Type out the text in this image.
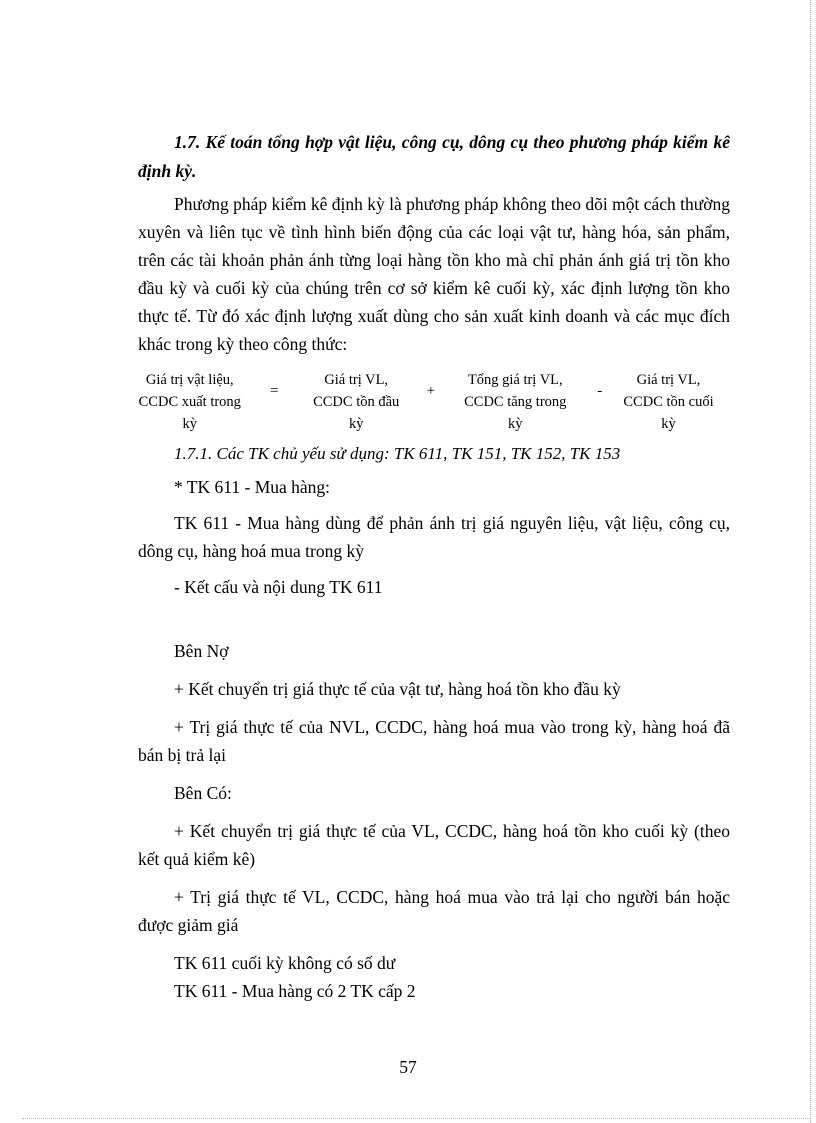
1.7. Kế toán tổng hợp vật liệu, công cụ, dông cụ theo phương pháp kiểm kê định kỳ.

Phương pháp kiểm kê định kỳ là phương pháp không theo dõi một cách thường xuyên và liên tục về tình hình biến động của các loại vật tư, hàng hóa, sản phẩm, trên các tài khoản phản ánh từng loại hàng tồn kho mà chỉ phản ánh giá trị tồn kho đầu kỳ và cuối kỳ của chúng trên cơ sở kiểm kê cuối kỳ, xác định lượng tồn kho thực tế. Từ đó xác định lượng xuất dùng cho sản xuất kinh doanh và các mục đích khác trong kỳ theo công thức:

Giá trị vật liệu,
CCDC xuất trong
kỳ
=
Giá trị VL,
CCDC tồn đầu
kỳ
+
Tổng giá trị VL,
CCDC tăng trong
kỳ
-
Giá trị VL,
CCDC tồn cuối
kỳ

1.7.1. Các TK chủ yếu sử dụng: TK 611, TK 151, TK 152, TK 153

* TK 611 - Mua hàng:

TK 611 - Mua hàng dùng để phản ánh trị giá nguyên liệu, vật liệu, công cụ, dông cụ, hàng hoá mua trong kỳ

- Kết cấu và nội dung TK 611

Bên Nợ

+ Kết chuyển trị giá thực tế của vật tư, hàng hoá tồn kho đầu kỳ

+ Trị giá thực tế của NVL, CCDC, hàng hoá mua vào trong kỳ, hàng hoá đã bán bị trả lại

Bên Có:

+ Kết chuyển trị giá thực tế của VL, CCDC, hàng hoá tồn kho cuối kỳ (theo kết quả kiểm kê)

+ Trị giá thực tế VL, CCDC, hàng hoá mua vào trả lại cho người bán hoặc được giảm giá

TK 611 cuối kỳ không có số dư

TK 611 - Mua hàng có 2 TK cấp 2

57
